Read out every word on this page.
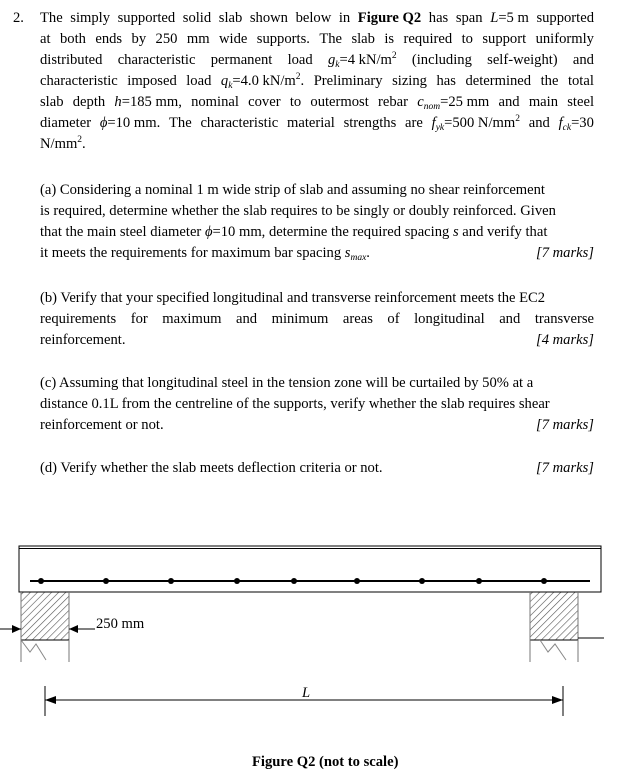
2. The simply supported solid slab shown below in Figure Q2 has span L=5 m supported
at both ends by 250 mm wide supports. The slab is required to support uniformly
distributed characteristic permanent load $g_k=4$ $kN/m^2$ (including self-weight) and
characteristic imposed load $q_k=4.0$ $kN/m^2$. Preliminary sizing has determined the total
slab depth h=185 mm, nominal cover to outermost rebar $c_{nom}=25$ mm and main steel
diameter ϕ=10 mm. The characteristic material strengths are $f_{yk}=500$ $N/mm^2$ and $f_{ck}=30$
$N/mm^2$.
(a) Considering a nominal 1 m wide strip of slab and assuming no shear reinforcement
is required, determine whether the slab requires to be singly or doubly reinforced. Given
that the main steel diameter ϕ=10 mm, determine the required spacing s and verify that
it meets the requirements for maximum bar spacing $s_{max}$.	[7 marks]
(b) Verify that your specified longitudinal and transverse reinforcement meets the EC2
requirements for maximum and minimum areas of longitudinal and transverse
reinforcement.	[4 marks]
(c) Assuming that longitudinal steel in the tension zone will be curtailed by 50% at a
distance 0.1L from the centreline of the supports, verify whether the slab requires shear
reinforcement or not.	[7 marks]
(d) Verify whether the slab meets deflection criteria or not.	[7 marks]
250 mm
L
Figure Q2 (not to scale)
